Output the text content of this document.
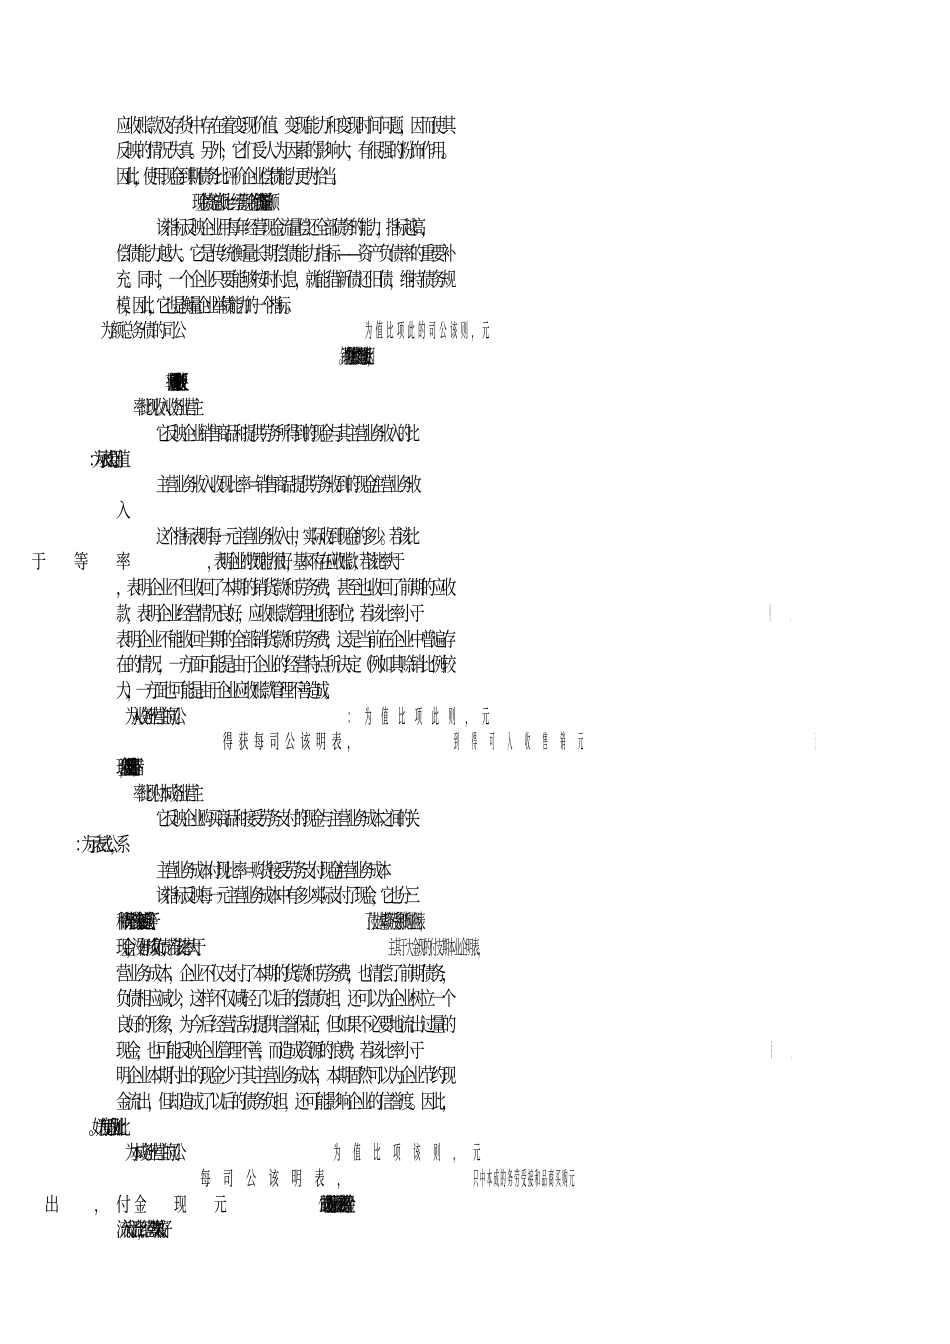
应收账款及存货中存在着变现价值、变现能力和变现时间问题，因而使其
反映的情况失真。另外，它们受人为因素的影响大，有很强的粉饰作用。
因此，使用现金到期债务比评价企业偿债能力更为恰当。
现金债务总额比＝经营现金净流量 / 债务总额
该指标反映企业用每年经营现金流量偿还全部债务的能力，指标越高，
偿债能力越大。它是传统衡量长期偿债能力指标——资产负债率的重要补
充。同时，一个企业只要能够按时付息，就能借新债还旧债，维持债务规
模，因此，它也是衡量企业举债能力的一个指标。
它反映企业销售商品和提供劳务所得到的现金与其主营业务收入的比
主营业务收入收现比率＝销售商品提供劳务收到的现金 / 主营业务收
这个指标表明每一元主营业务收入中，实际收到现金的多少。若该比
，表明企业的收现能力很好，基本不存在应收账款；若该比率大于
，表明企业不但收回了本期的销货款和劳务费，甚至也收回了前期的应收
款，表明企业经营情况良好，应收账款管理也很到位；若该比率小于
表明企业不能收回当期的全部销货款和劳务费，这是当前在企业中普遍存
在的情况，一方面可能是由于企业的经营特点所决定（例如其赊销比例较
大），一方面也可能是由于企业应收账款管理不善造成。
现金，收益质量相当不错；
它反映企业购买商品和接受劳务支付的现金与主营业务成本之间的关
主营业务成本付现比率＝购货接受劳务支付现金 / 主营业务成本
该指标反映每一元主营业务成本中有多少实际支付了现金，它也分三
种情况：若该比率接近或等于
现金，没有形成负债；若该比率大于
营业务成本，企业不仅支付了本期的货款和劳务费，也清偿了前期债务，
负债相应减少，这样不仅减轻了以后的偿债负担，还可以为企业树立一个
良好的形象，为今后经营活动提供信誉保证，但如果不必要地流出过量的
现金，也可能反映企业管理不善，而造成资源的浪费；若该比率小于
明企业本期付出的现金少于其主营业务成本，本期固然可以为企业节约现
金流出，但却造成了以后的债务负担，还可能影响企业的信誉度。因此，
公司的以上两项指标进一步反映了该公司的经营现金
流入大于流出，经营效果较好。
